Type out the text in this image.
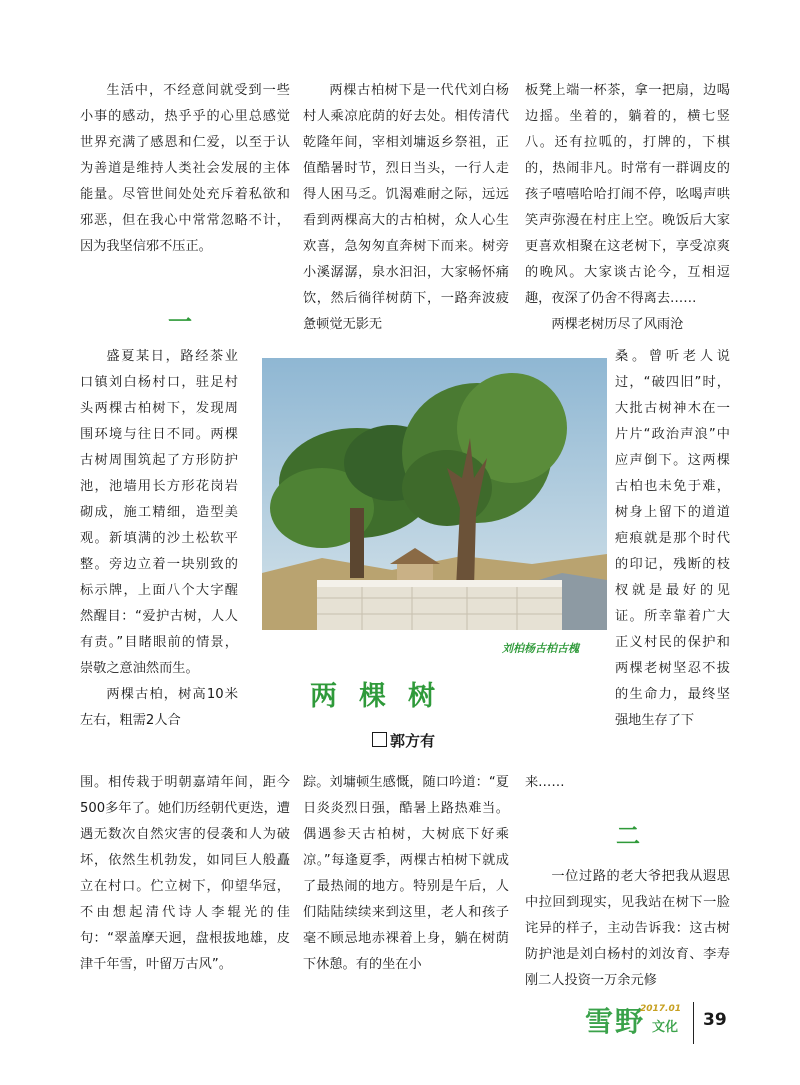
生活中，不经意间就受到一些小事的感动，热乎乎的心里总感觉世界充满了感恩和仁爱，以至于认为善道是维持人类社会发展的主体能量。尽管世间处处充斥着私欲和邪恶，但在我心中常常忽略不计，因为我坚信邪不压正。

一

盛夏某日，路经茶业口镇刘白杨村口，驻足村头两棵古柏树下，发现周围环境与往日不同。两棵古树周围筑起了方形防护池，池墙用长方形花岗岩砌成，施工精细，造型美观。新填满的沙土松软平整。旁边立着一块别致的标示牌，上面八个大字醒然醒目：“爱护古树，人人有责。”目睹眼前的情景，崇敬之意油然而生。

两棵古柏，树高10米左右，粗需2人合

围。相传栽于明朝嘉靖年间，距今500多年了。她们历经朝代更迭，遭遇无数次自然灾害的侵袭和人为破坏，依然生机勃发，如同巨人般矗立在村口。伫立树下，仰望华冠，不由想起清代诗人李辊光的佳句：“翠盖摩天迥，盘根拔地雄，皮津千年雪，叶留万古风”。

两棵古柏树下是一代代刘白杨村人乘凉庇荫的好去处。相传清代乾隆年间，宰相刘墉返乡祭祖，正值酷暑时节，烈日当头，一行人走得人困马乏。饥渴难耐之际，远远看到两棵高大的古柏树，众人心生欢喜，急匆匆直奔树下而来。树旁小溪潺潺，泉水汩汩，大家畅怀痛饮，然后徜徉树荫下，一路奔波疲惫顿觉无影无

踪。刘墉顿生感慨，随口吟道：“夏日炎炎烈日强，酷暑上路热难当。偶遇参天古柏树，大树底下好乘凉。”每逢夏季，两棵古柏树下就成了最热闹的地方。特别是午后，人们陆陆续续来到这里，老人和孩子毫不顾忌地赤裸着上身，躺在树荫下休憩。有的坐在小

板凳上端一杯茶，拿一把扇，边喝边摇。坐着的，躺着的，横七竖八。还有拉呱的，打牌的，下棋的，热闹非凡。时常有一群调皮的孩子嘻嘻哈哈打闹不停，吆喝声哄笑声弥漫在村庄上空。晚饭后大家更喜欢相聚在这老树下，享受凉爽的晚风。大家谈古论今，互相逗趣，夜深了仍舍不得离去……

两棵老树历尽了风雨沧

桑。曾听老人说过，“破四旧”时，大批古树神木在一片片“政治声浪”中应声倒下。这两棵古柏也未免于难，树身上留下的道道疤痕就是那个时代的印记，残断的枝杈就是最好的见证。所幸靠着广大正义村民的保护和两棵老树坚忍不拔的生命力，最终坚强地生存了下

来……

二

一位过路的老大爷把我从遐思中拉回到现实，见我站在树下一脸诧异的样子，主动告诉我：这古树防护池是刘白杨村的刘汝育、李寿刚二人投资一万余元修

刘柏杨古柏古槐
两棵树
郭方有
雪野
2017.01
文化 39
